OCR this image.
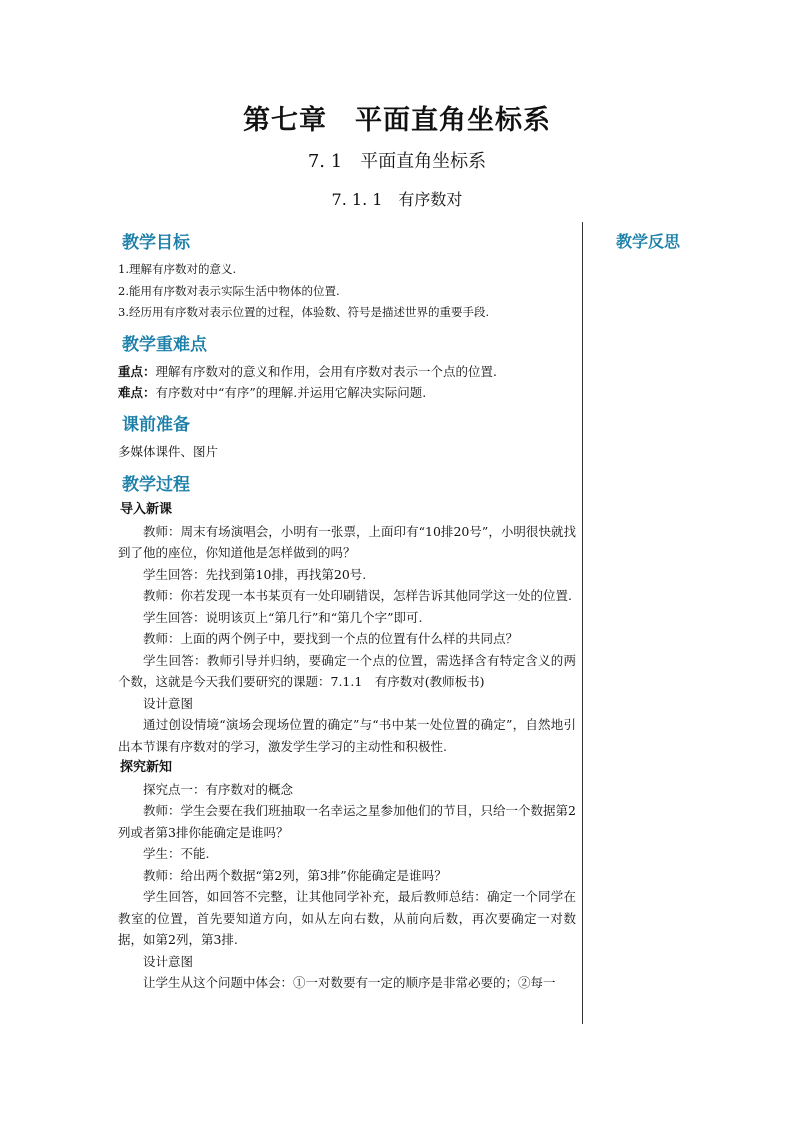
第七章　平面直角坐标系
7. 1　平面直角坐标系
7. 1. 1　有序数对
教学反思
教学目标
1.理解有序数对的意义.
2.能用有序数对表示实际生活中物体的位置.
3.经历用有序数对表示位置的过程，体验数、符号是描述世界的重要手段.
教学重难点
重点：理解有序数对的意义和作用，会用有序数对表示一个点的位置.
难点：有序数对中“有序”的理解.并运用它解决实际问题.
课前准备
多媒体课件、图片
教学过程
导入新课

教师：周末有场演唱会，小明有一张票，上面印有“10排20号”，小明很快就找到了他的座位，你知道他是怎样做到的吗？

学生回答：先找到第10排，再找第20号.

教师：你若发现一本书某页有一处印刷错误，怎样告诉其他同学这一处的位置.

学生回答：说明该页上“第几行”和“第几个字”即可.

教师：上面的两个例子中，要找到一个点的位置有什么样的共同点？

学生回答：教师引导并归纳，要确定一个点的位置，需选择含有特定含义的两个数，这就是今天我们要研究的课题：7.1.1　有序数对(教师板书)

设计意图

通过创设情境“演场会现场位置的确定”与“书中某一处位置的确定”，自然地引出本节课有序数对的学习，激发学生学习的主动性和积极性.

探究新知

探究点一：有序数对的概念

教师：学生会要在我们班抽取一名幸运之星参加他们的节目，只给一个数据第2列或者第3排你能确定是谁吗？

学生：不能.

教师：给出两个数据“第2列，第3排”你能确定是谁吗？

学生回答，如回答不完整，让其他同学补充，最后教师总结：确定一个同学在教室的位置，首先要知道方向，如从左向右数，从前向后数，再次要确定一对数据，如第2列，第3排.

设计意图

让学生从这个问题中体会：①一对数要有一定的顺序是非常必要的；②每一
